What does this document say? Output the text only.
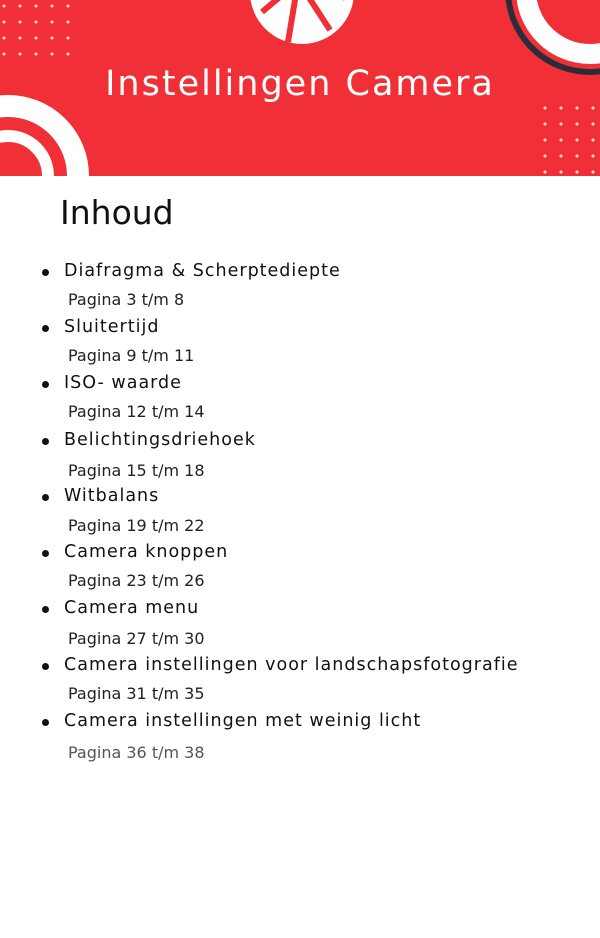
Instellingen Camera
Inhoud
Diafragma & Scherptediepte
Pagina 3 t/m 8
Sluitertijd
Pagina 9 t/m 11
ISO- waarde
Pagina 12 t/m 14
Belichtingsdriehoek
Pagina 15 t/m 18
Witbalans
Pagina 19 t/m 22
Camera knoppen
Pagina 23 t/m 26
Camera menu
Pagina 27 t/m 30
Camera instellingen voor landschapsfotografie
Pagina 31 t/m 35
Camera instellingen met weinig licht
Pagina 36 t/m 38
